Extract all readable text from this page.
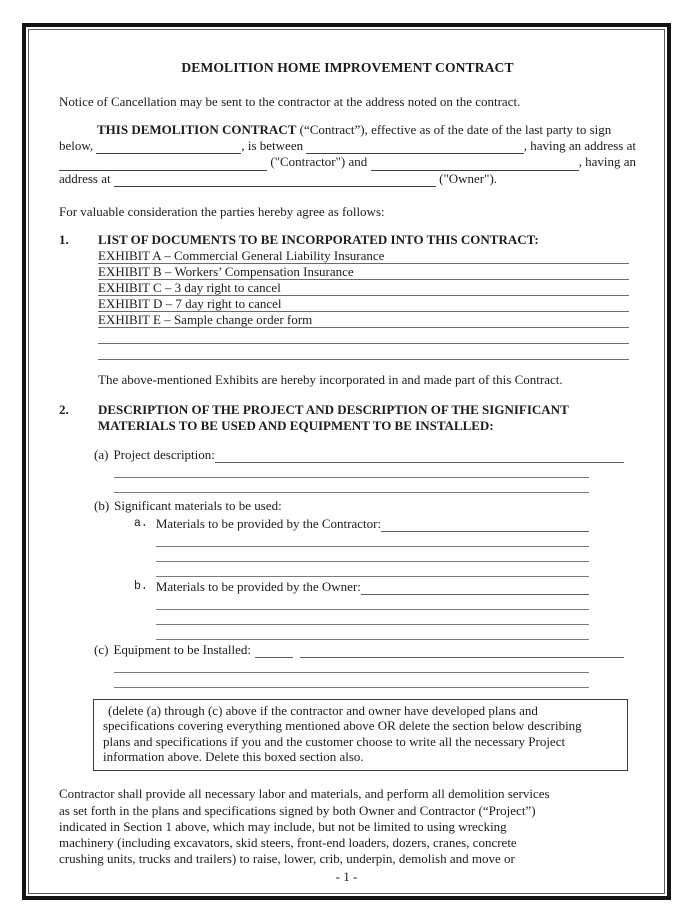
DEMOLITION HOME IMPROVEMENT CONTRACT

Notice of Cancellation may be sent to the contractor at the address noted on the contract.

THIS DEMOLITION CONTRACT (“Contract”), effective as of the date of the last party to sign
below,	, is between	, having an address at
("Contractor") and	, having an
address at	("Owner").

For valuable consideration the parties hereby agree as follows:

1.	LIST OF DOCUMENTS TO BE INCORPORATED INTO THIS CONTRACT:
EXHIBIT A – Commercial General Liability Insurance
EXHIBIT B – Workers’ Compensation Insurance
EXHIBIT C – 3 day right to cancel
EXHIBIT D – 7 day right to cancel
EXHIBIT E – Sample change order form

The above-mentioned Exhibits are hereby incorporated in and made part of this Contract.

2.	DESCRIPTION OF THE PROJECT AND DESCRIPTION OF THE SIGNIFICANT
MATERIALS TO BE USED AND EQUIPMENT TO BE INSTALLED:
(a) Project description:
(b) Significant materials to be used:
a. Materials to be provided by the Contractor:
b. Materials to be provided by the Owner:
(c) Equipment to be Installed:
(delete (a) through (c) above if the contractor and owner have developed plans and
specifications covering everything mentioned above OR delete the section below describing
plans and specifications if you and the customer choose to write all the necessary Project
information above. Delete this boxed section also.
Contractor shall provide all necessary labor and materials, and perform all demolition services
as set forth in the plans and specifications signed by both Owner and Contractor (“Project”)
indicated in Section 1 above, which may include, but not be limited to using wrecking
machinery (including excavators, skid steers, front-end loaders, dozers, cranes, concrete
crushing units, trucks and trailers) to raise, lower, crib, underpin, demolish and move or
- 1 -
